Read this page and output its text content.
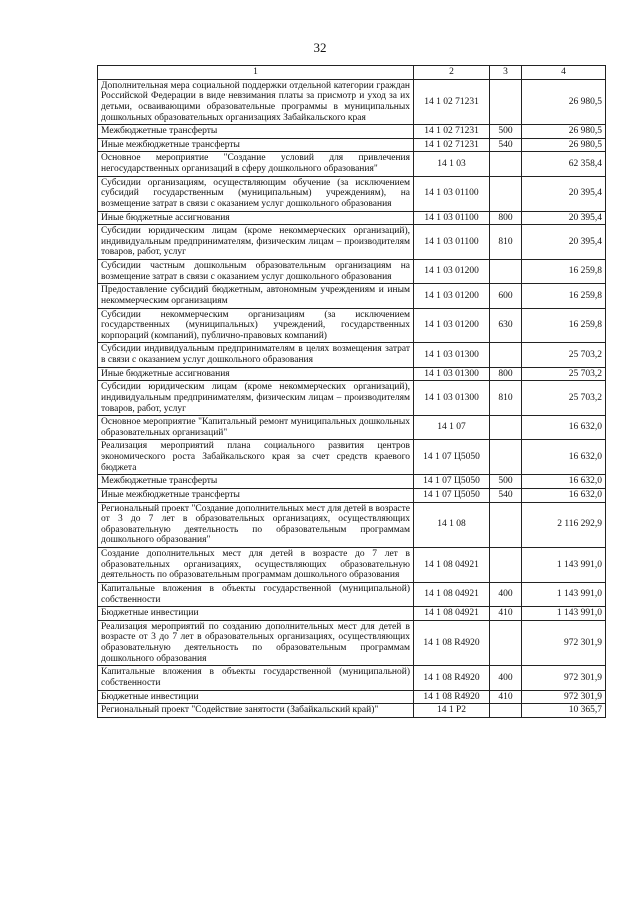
32
1	2	3	4
Дополнительная мера социальной поддержки отдельной категории граждан Российской Федерации в виде невзимания платы за присмотр и уход за их детьми, осваивающими образовательные программы в муниципальных дошкольных образовательных организациях Забайкальского края	14 1 02 71231		26 980,5
Межбюджетные трансферты	14 1 02 71231	500	26 980,5
Иные межбюджетные трансферты	14 1 02 71231	540	26 980,5
Основное мероприятие "Создание условий для привлечения негосударственных организаций в сферу дошкольного образования"	14 1 03		62 358,4
Субсидии организациям, осуществляющим обучение (за исключением субсидий государственным (муниципальным) учреждениям), на возмещение затрат в связи с оказанием услуг дошкольного образования	14 1 03 01100		20 395,4
Иные бюджетные ассигнования	14 1 03 01100	800	20 395,4
Субсидии юридическим лицам (кроме некоммерческих организаций), индивидуальным предпринимателям, физическим лицам – производителям товаров, работ, услуг	14 1 03 01100	810	20 395,4
Субсидии частным дошкольным образовательным организациям на возмещение затрат в связи с оказанием услуг дошкольного образования	14 1 03 01200		16 259,8
Предоставление субсидий бюджетным, автономным учреждениям и иным некоммерческим организациям	14 1 03 01200	600	16 259,8
Субсидии некоммерческим организациям (за исключением государственных (муниципальных) учреждений, государственных корпораций (компаний), публично-правовых компаний)	14 1 03 01200	630	16 259,8
Субсидии индивидуальным предпринимателям в целях возмещения затрат в связи с оказанием услуг дошкольного образования	14 1 03 01300		25 703,2
Иные бюджетные ассигнования	14 1 03 01300	800	25 703,2
Субсидии юридическим лицам (кроме некоммерческих организаций), индивидуальным предпринимателям, физическим лицам – производителям товаров, работ, услуг	14 1 03 01300	810	25 703,2
Основное мероприятие "Капитальный ремонт муниципальных дошкольных образовательных организаций"	14 1 07		16 632,0
Реализация мероприятий плана социального развития центров экономического роста Забайкальского края за счет средств краевого бюджета	14 1 07 Ц5050		16 632,0
Межбюджетные трансферты	14 1 07 Ц5050	500	16 632,0
Иные межбюджетные трансферты	14 1 07 Ц5050	540	16 632,0
Региональный проект "Создание дополнительных мест для детей в возрасте от 3 до 7 лет в образовательных организациях, осуществляющих образовательную деятельность по образовательным программам дошкольного образования"	14 1 08		2 116 292,9
Создание дополнительных мест для детей в возрасте до 7 лет в образовательных организациях, осуществляющих образовательную деятельность по образовательным программам дошкольного образования	14 1 08 04921		1 143 991,0
Капитальные вложения в объекты государственной (муниципальной) собственности	14 1 08 04921	400	1 143 991,0
Бюджетные инвестиции	14 1 08 04921	410	1 143 991,0
Реализация мероприятий по созданию дополнительных мест для детей в возрасте от 3 до 7 лет в образовательных организациях, осуществляющих образовательную деятельность по образовательным программам дошкольного образования	14 1 08 R4920		972 301,9
Капитальные вложения в объекты государственной (муниципальной) собственности	14 1 08 R4920	400	972 301,9
Бюджетные инвестиции	14 1 08 R4920	410	972 301,9
Региональный проект "Содействие занятости (Забайкальский край)"	14 1 P2		10 365,7
